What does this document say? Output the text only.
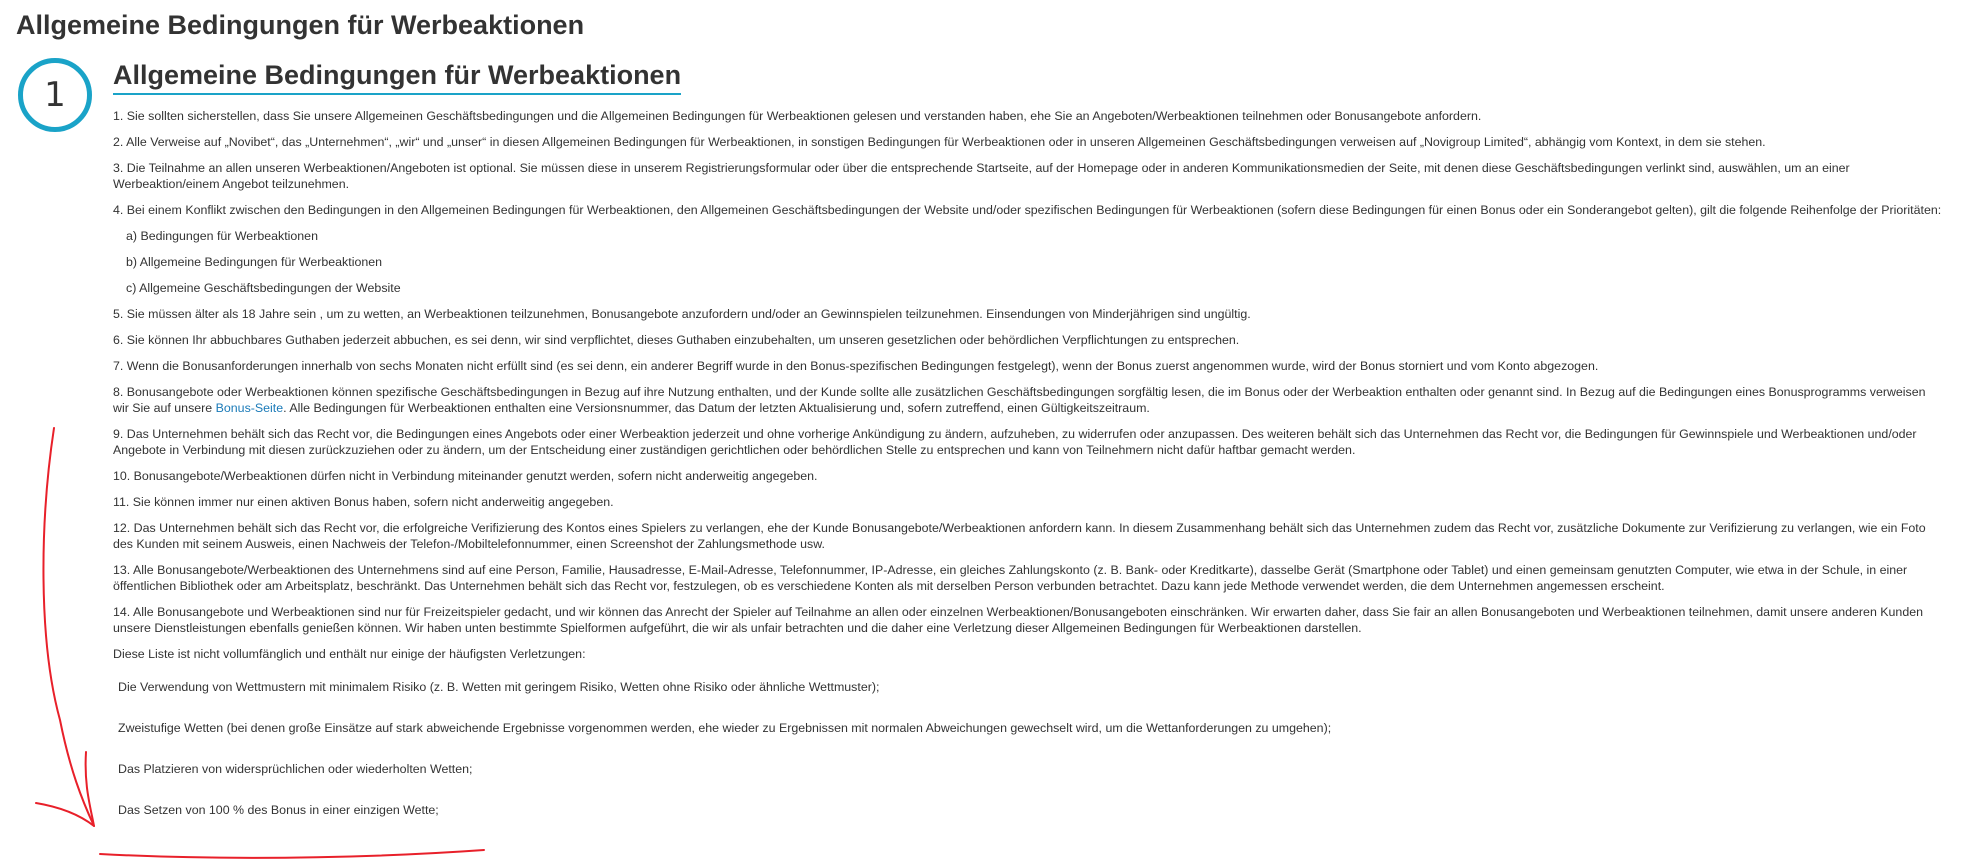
Allgemeine Bedingungen für Werbeaktionen
1 Allgemeine Bedingungen für Werbeaktionen

1. Sie sollten sicherstellen, dass Sie unsere Allgemeinen Geschäftsbedingungen und die Allgemeinen Bedingungen für Werbeaktionen gelesen und verstanden haben, ehe Sie an Angeboten/Werbeaktionen teilnehmen oder Bonusangebote anfordern.

2. Alle Verweise auf „Novibet“, das „Unternehmen“, „wir“ und „unser“ in diesen Allgemeinen Bedingungen für Werbeaktionen, in sonstigen Bedingungen für Werbeaktionen oder in unseren Allgemeinen Geschäftsbedingungen verweisen auf „Novigroup Limited“, abhängig vom Kontext, in dem sie stehen.

3. Die Teilnahme an allen unseren Werbeaktionen/Angeboten ist optional. Sie müssen diese in unserem Registrierungsformular oder über die entsprechende Startseite, auf der Homepage oder in anderen Kommunikationsmedien der Seite, mit denen diese Geschäftsbedingungen verlinkt sind, auswählen, um an einer Werbeaktion/einem Angebot teilzunehmen.

4. Bei einem Konflikt zwischen den Bedingungen in den Allgemeinen Bedingungen für Werbeaktionen, den Allgemeinen Geschäftsbedingungen der Website und/oder spezifischen Bedingungen für Werbeaktionen (sofern diese Bedingungen für einen Bonus oder ein Sonderangebot gelten), gilt die folgende Reihenfolge der Prioritäten:

a) Bedingungen für Werbeaktionen

b) Allgemeine Bedingungen für Werbeaktionen

c) Allgemeine Geschäftsbedingungen der Website

5. Sie müssen älter als 18 Jahre sein , um zu wetten, an Werbeaktionen teilzunehmen, Bonusangebote anzufordern und/oder an Gewinnspielen teilzunehmen. Einsendungen von Minderjährigen sind ungültig.

6. Sie können Ihr abbuchbares Guthaben jederzeit abbuchen, es sei denn, wir sind verpflichtet, dieses Guthaben einzubehalten, um unseren gesetzlichen oder behördlichen Verpflichtungen zu entsprechen.

7. Wenn die Bonusanforderungen innerhalb von sechs Monaten nicht erfüllt sind (es sei denn, ein anderer Begriff wurde in den Bonus-spezifischen Bedingungen festgelegt), wenn der Bonus zuerst angenommen wurde, wird der Bonus storniert und vom Konto abgezogen.

8. Bonusangebote oder Werbeaktionen können spezifische Geschäftsbedingungen in Bezug auf ihre Nutzung enthalten, und der Kunde sollte alle zusätzlichen Geschäftsbedingungen sorgfältig lesen, die im Bonus oder der Werbeaktion enthalten oder genannt sind. In Bezug auf die Bedingungen eines Bonusprogramms verweisen wir Sie auf unsere Bonus-Seite. Alle Bedingungen für Werbeaktionen enthalten eine Versionsnummer, das Datum der letzten Aktualisierung und, sofern zutreffend, einen Gültigkeitszeitraum.

9. Das Unternehmen behält sich das Recht vor, die Bedingungen eines Angebots oder einer Werbeaktion jederzeit und ohne vorherige Ankündigung zu ändern, aufzuheben, zu widerrufen oder anzupassen. Des weiteren behält sich das Unternehmen das Recht vor, die Bedingungen für Gewinnspiele und Werbeaktionen und/oder Angebote in Verbindung mit diesen zurückzuziehen oder zu ändern, um der Entscheidung einer zuständigen gerichtlichen oder behördlichen Stelle zu entsprechen und kann von Teilnehmern nicht dafür haftbar gemacht werden.

10. Bonusangebote/Werbeaktionen dürfen nicht in Verbindung miteinander genutzt werden, sofern nicht anderweitig angegeben.

11. Sie können immer nur einen aktiven Bonus haben, sofern nicht anderweitig angegeben.

12. Das Unternehmen behält sich das Recht vor, die erfolgreiche Verifizierung des Kontos eines Spielers zu verlangen, ehe der Kunde Bonusangebote/Werbeaktionen anfordern kann. In diesem Zusammenhang behält sich das Unternehmen zudem das Recht vor, zusätzliche Dokumente zur Verifizierung zu verlangen, wie ein Foto des Kunden mit seinem Ausweis, einen Nachweis der Telefon-/Mobiltelefonnummer, einen Screenshot der Zahlungsmethode usw.

13. Alle Bonusangebote/Werbeaktionen des Unternehmens sind auf eine Person, Familie, Hausadresse, E-Mail-Adresse, Telefonnummer, IP-Adresse, ein gleiches Zahlungskonto (z. B. Bank- oder Kreditkarte), dasselbe Gerät (Smartphone oder Tablet) und einen gemeinsam genutzten Computer, wie etwa in der Schule, in einer öffentlichen Bibliothek oder am Arbeitsplatz, beschränkt. Das Unternehmen behält sich das Recht vor, festzulegen, ob es verschiedene Konten als mit derselben Person verbunden betrachtet. Dazu kann jede Methode verwendet werden, die dem Unternehmen angemessen erscheint.

14. Alle Bonusangebote und Werbeaktionen sind nur für Freizeitspieler gedacht, und wir können das Anrecht der Spieler auf Teilnahme an allen oder einzelnen Werbeaktionen/Bonusangeboten einschränken. Wir erwarten daher, dass Sie fair an allen Bonusangeboten und Werbeaktionen teilnehmen, damit unsere anderen Kunden unsere Dienstleistungen ebenfalls genießen können. Wir haben unten bestimmte Spielformen aufgeführt, die wir als unfair betrachten und die daher eine Verletzung dieser Allgemeinen Bedingungen für Werbeaktionen darstellen.

Diese Liste ist nicht vollumfänglich und enthält nur einige der häufigsten Verletzungen:

Die Verwendung von Wettmustern mit minimalem Risiko (z. B. Wetten mit geringem Risiko, Wetten ohne Risiko oder ähnliche Wettmuster);

Zweistufige Wetten (bei denen große Einsätze auf stark abweichende Ergebnisse vorgenommen werden, ehe wieder zu Ergebnissen mit normalen Abweichungen gewechselt wird, um die Wettanforderungen zu umgehen);

Das Platzieren von widersprüchlichen oder wiederholten Wetten;

Das Setzen von 100 % des Bonus in einer einzigen Wette;
